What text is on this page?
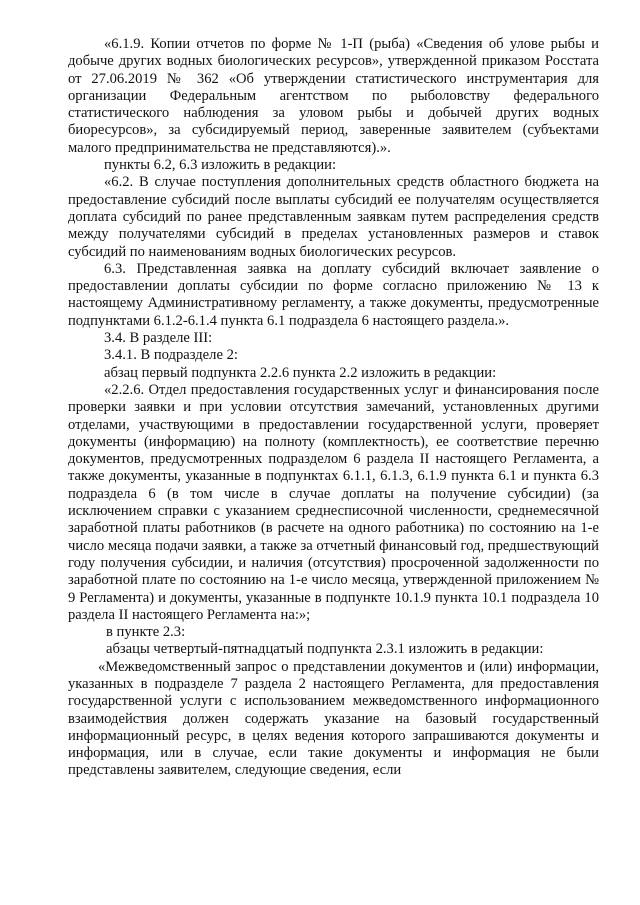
«6.1.9. Копии отчетов по форме № 1-П (рыба) «Сведения об улове рыбы и добыче других водных биологических ресурсов», утвержденной приказом Росстата от 27.06.2019 № 362 «Об утверждении статистического инструментария для организации Федеральным агентством по рыболовству федерального статистического наблюдения за уловом рыбы и добычей других водных биоресурсов», за субсидируемый период, заверенные заявителем (субъектами малого предпринимательства не представляются).».

пункты 6.2, 6.3 изложить в редакции:

«6.2. В случае поступления дополнительных средств областного бюджета на предоставление субсидий после выплаты субсидий ее получателям осуществляется доплата субсидий по ранее представленным заявкам путем распределения средств между получателями субсидий в пределах установленных размеров и ставок субсидий по наименованиям водных биологических ресурсов.

6.3. Представленная заявка на доплату субсидий включает заявление о предоставлении доплаты субсидии по форме согласно приложению № 13 к настоящему Административному регламенту, а также документы, предусмотренные подпунктами 6.1.2-6.1.4 пункта 6.1 подраздела 6 настоящего раздела.».

3.4. В разделе III:

3.4.1. В подразделе 2:

абзац первый подпункта 2.2.6 пункта 2.2 изложить в редакции:

«2.2.6. Отдел предоставления государственных услуг и финансирования после проверки заявки и при условии отсутствия замечаний, установленных другими отделами, участвующими в предоставлении государственной услуги, проверяет документы (информацию) на полноту (комплектность), ее соответствие перечню документов, предусмотренных подразделом 6 раздела II настоящего Регламента, а также документы, указанные в подпунктах 6.1.1, 6.1.3, 6.1.9 пункта 6.1 и пункта 6.3 подраздела 6 (в том числе в случае доплаты на получение субсидии) (за исключением справки с указанием среднесписочной численности, среднемесячной заработной платы работников (в расчете на одного работника) по состоянию на 1-е число месяца подачи заявки, а также за отчетный финансовый год, предшествующий году получения субсидии, и наличия (отсутствия) просроченной задолженности по заработной плате по состоянию на 1-е число месяца, утвержденной приложением № 9 Регламента) и документы, указанные в подпункте 10.1.9 пункта 10.1 подраздела 10 раздела II настоящего Регламента на:»;

в пункте 2.3:

абзацы четвертый-пятнадцатый подпункта 2.3.1 изложить в редакции:

«Межведомственный запрос о представлении документов и (или) информации, указанных в подразделе 7 раздела 2 настоящего Регламента, для предоставления государственной услуги с использованием межведомственного информационного взаимодействия должен содержать указание на базовый государственный информационный ресурс, в целях ведения которого запрашиваются документы и информация, или в случае, если такие документы и информация не были представлены заявителем, следующие сведения, если
